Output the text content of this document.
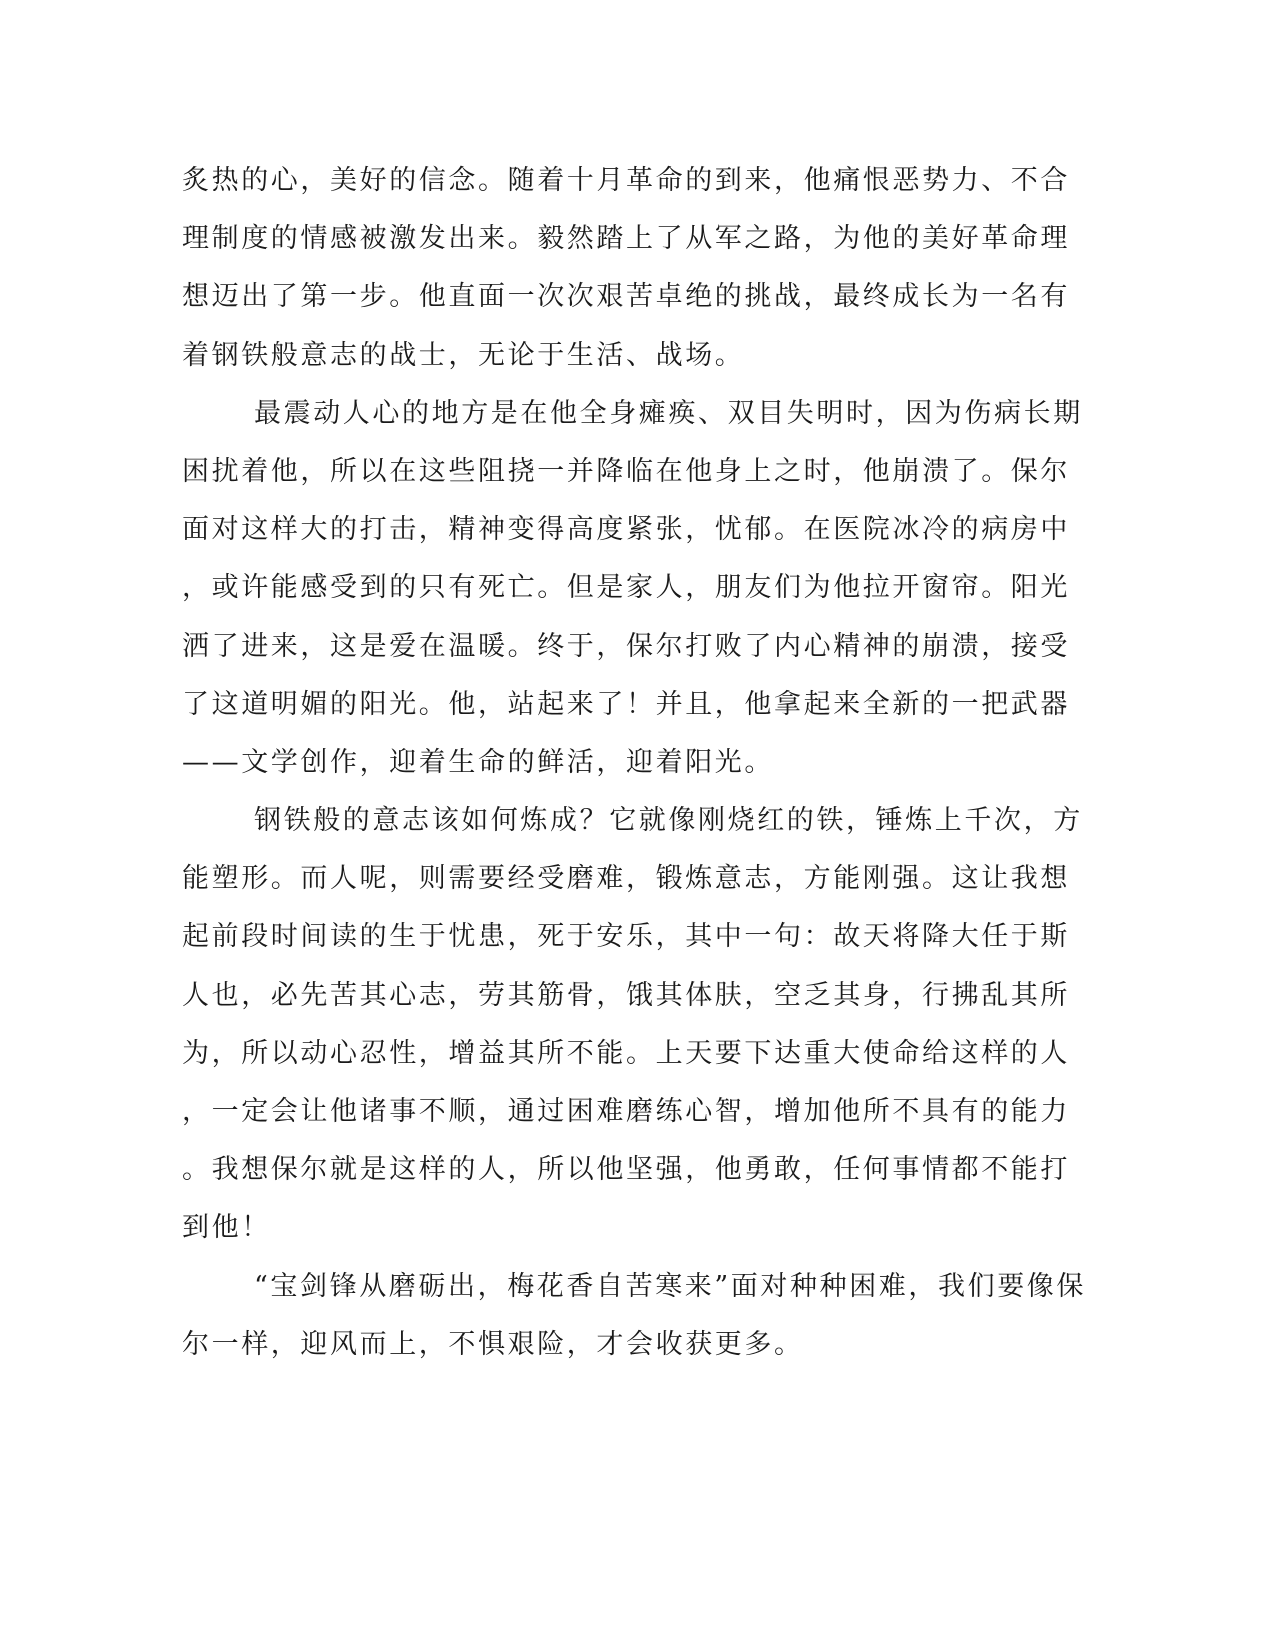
炙热的心，美好的信念。随着十月革命的到来，他痛恨恶势力、不合
理制度的情感被激发出来。毅然踏上了从军之路，为他的美好革命理
想迈出了第一步。他直面一次次艰苦卓绝的挑战，最终成长为一名有
着钢铁般意志的战士，无论于生活、战场。
最震动人心的地方是在他全身瘫痪、双目失明时，因为伤病长期
困扰着他，所以在这些阻挠一并降临在他身上之时，他崩溃了。保尔
面对这样大的打击，精神变得高度紧张，忧郁。在医院冰冷的病房中
，或许能感受到的只有死亡。但是家人，朋友们为他拉开窗帘。阳光
洒了进来，这是爱在温暖。终于，保尔打败了内心精神的崩溃，接受
了这道明媚的阳光。他，站起来了！并且，他拿起来全新的一把武器
——文学创作，迎着生命的鲜活，迎着阳光。
钢铁般的意志该如何炼成？它就像刚烧红的铁，锤炼上千次，方
能塑形。而人呢，则需要经受磨难，锻炼意志，方能刚强。这让我想
起前段时间读的生于忧患，死于安乐，其中一句：故天将降大任于斯
人也，必先苦其心志，劳其筋骨，饿其体肤，空乏其身，行拂乱其所
为，所以动心忍性，增益其所不能。上天要下达重大使命给这样的人
，一定会让他诸事不顺，通过困难磨练心智，增加他所不具有的能力
。我想保尔就是这样的人，所以他坚强，他勇敢，任何事情都不能打
到他！
“宝剑锋从磨砺出，梅花香自苦寒来”面对种种困难，我们要像保
尔一样，迎风而上，不惧艰险，才会收获更多。
